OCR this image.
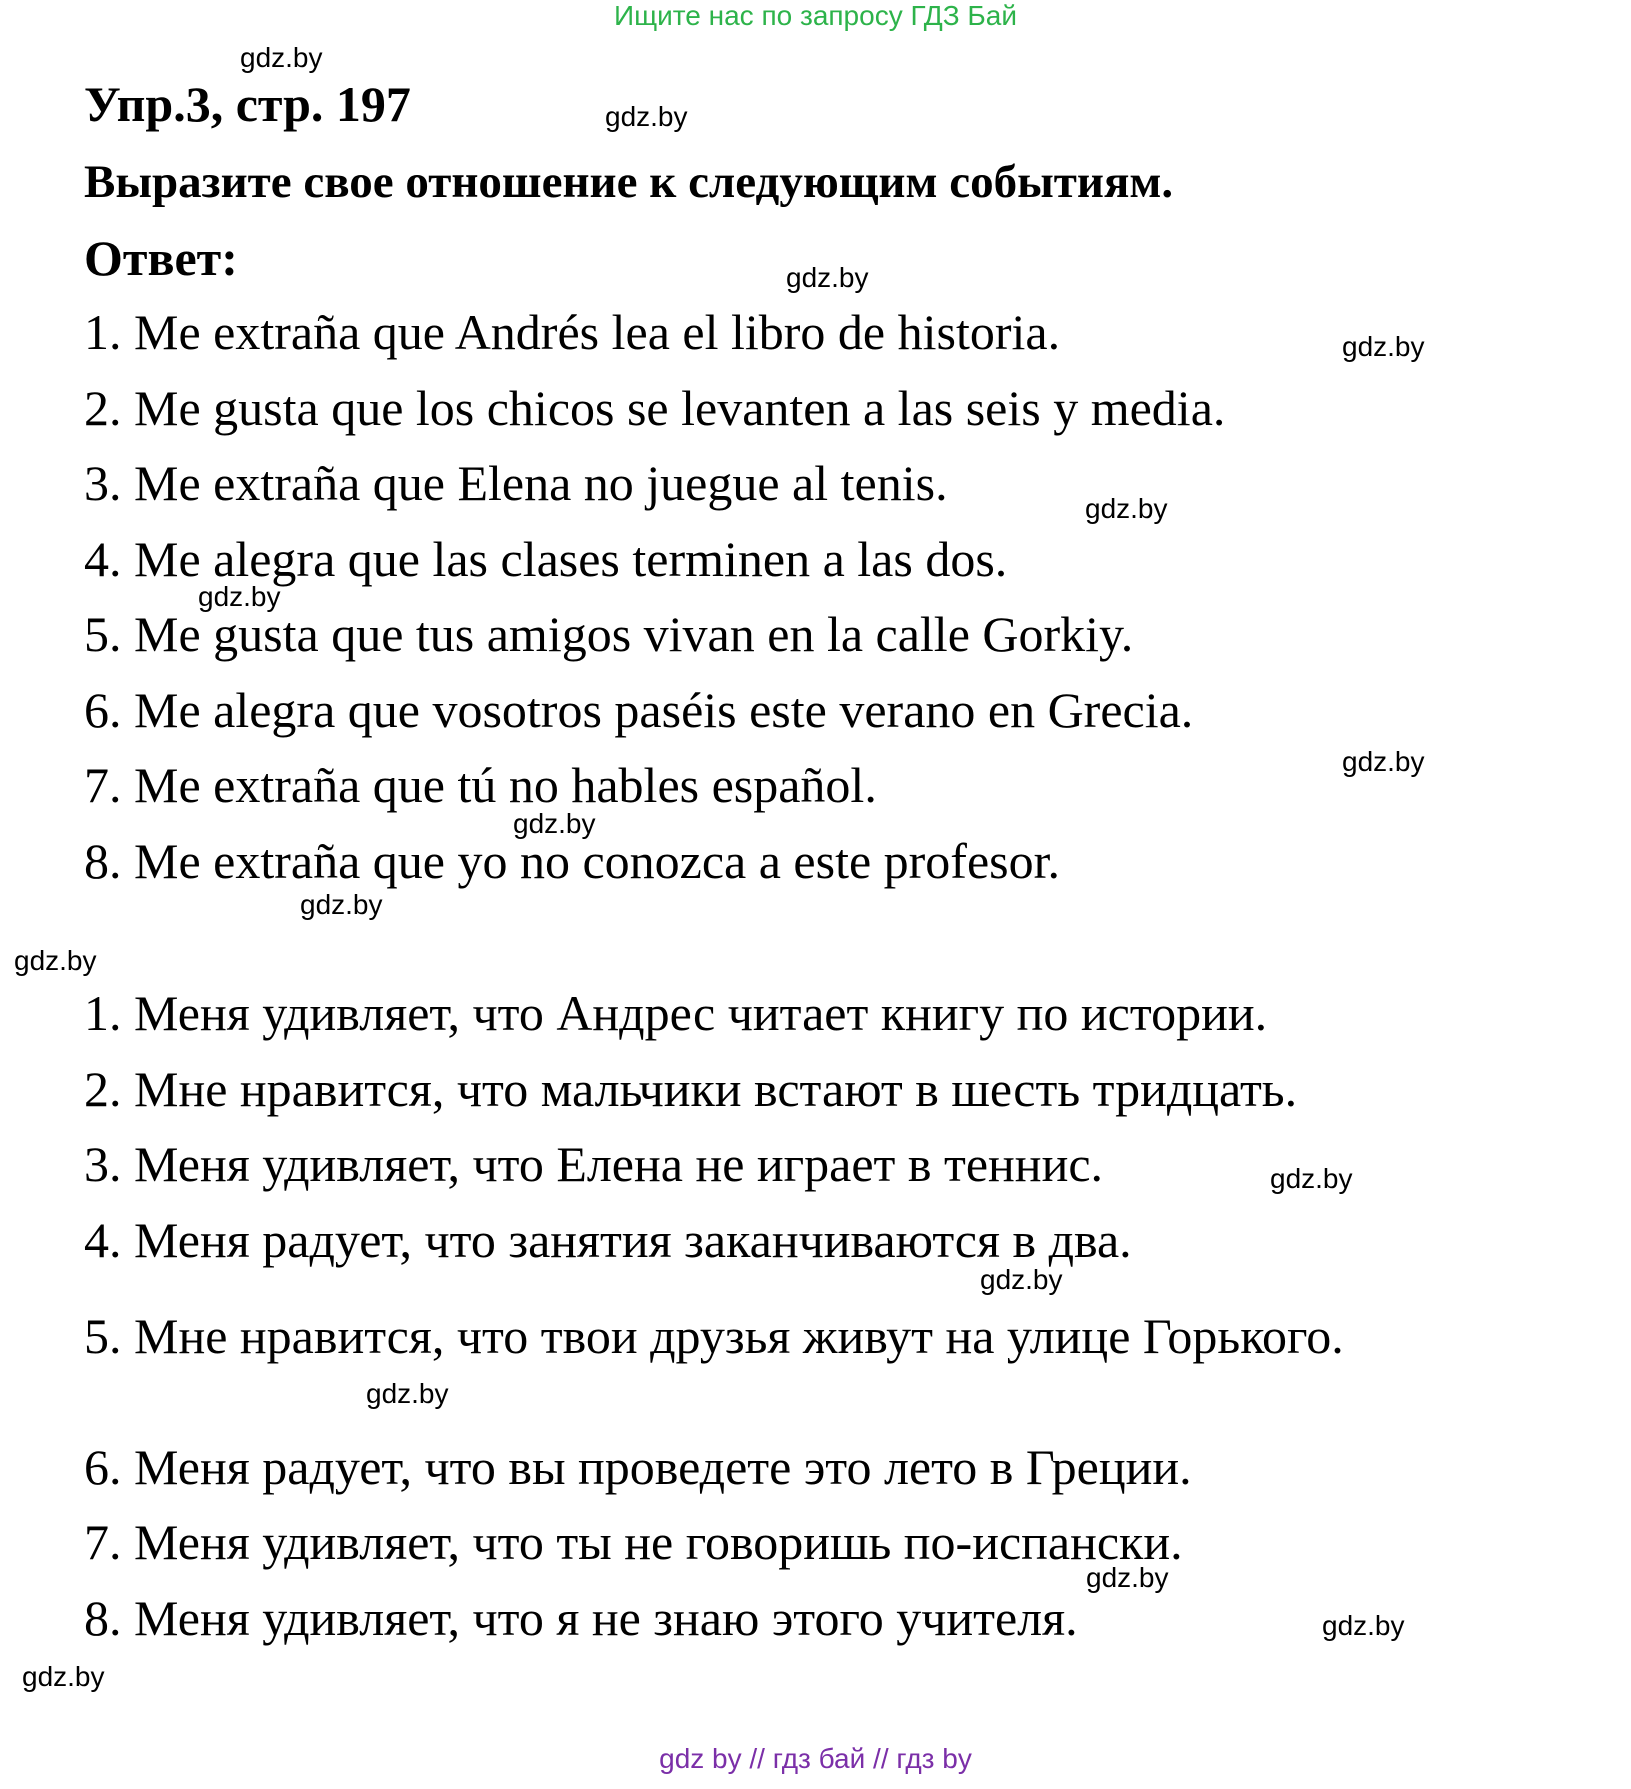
Ищите нас по запросу ГДЗ Бай
Упр.3, стр. 197
Выразите свое отношение к следующим событиям.
Ответ:
1. Me extraña que Andrés lea el libro de historia.
2. Me gusta que los chicos se levanten a las seis y media.
3. Me extraña que Elena no juegue al tenis.
4. Me alegra que las clases terminen a las dos.
5. Me gusta que tus amigos vivan en la calle Gorkiy.
6. Me alegra que vosotros paséis este verano en Grecia.
7. Me extraña que tú no hables español.
8. Me extraña que yo no conozca a este profesor.
1. Меня удивляет, что Андрес читает книгу по истории.
2. Мне нравится, что мальчики встают в шесть тридцать.
3. Меня удивляет, что Елена не играет в теннис.
4. Меня радует, что занятия заканчиваются в два.
5. Мне нравится, что твои друзья живут на улице Горького.
6. Меня радует, что вы проведете это лето в Греции.
7. Меня удивляет, что ты не говоришь по-испански.
8. Меня удивляет, что я не знаю этого учителя.
gdz.by
gdz.by
gdz.by
gdz.by
gdz.by
gdz.by
gdz.by
gdz.by
gdz.by
gdz.by
gdz.by
gdz.by
gdz.by
gdz.by
gdz.by
gdz.by
gdz by // гдз бай // гдз by
